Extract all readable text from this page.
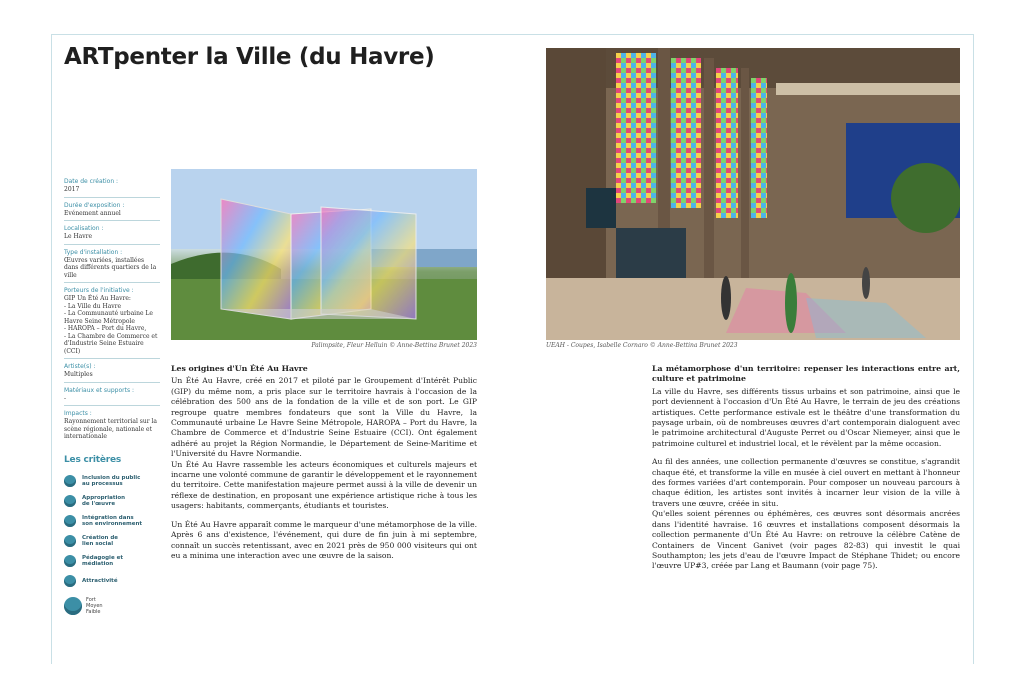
ARTpenter la Ville (du Havre)
Date de création :
2017
Durée d'exposition :
Evénement annuel
Localisation :
Le Havre
Type d'installation :
Œuvres variées, installées dans différents quartiers de la ville
Porteurs de l'initiative :
GIP Un Été Au Havre:
- La Ville du Havre
- La Communauté urbaine Le Havre Seine Métropole
- HAROPA – Port du Havre,
- La Chambre de Commerce et d'Industrie Seine Estuaire (CCI)
Artiste(s) :
Multiples
Matériaux et supports :
-
Impacts :
Rayonnement territorial sur la scène régionale, nationale et internationale
Les critères
Inclusion du public
au processus
Appropriation
de l'œuvre
Intégration dans
son environnement
Création de
lien social
Pédagogie et
médiation
Attractivité
Fort
Moyen
Faible
Palimpsite, Fleur Helluin © Anne-Bettina Brunet 2023	UEAH - Coupes, Isabelle Cornaro © Anne-Bettina Brunet 2023
Les origines d'Un Été Au Havre

Un Été Au Havre, créé en 2017 et piloté par le Groupement d'Intérêt Public (GIP) du même nom, a pris place sur le territoire havrais à l'occasion de la célébration des 500 ans de la fondation de la ville et de son port. Le GIP regroupe quatre membres fondateurs que sont la Ville du Havre, la Communauté urbaine Le Havre Seine Métropole, HAROPA – Port du Havre, la Chambre de Commerce et d'Industrie Seine Estuaire (CCI). Ont également adhéré au projet la Région Normandie, le Département de Seine-Maritime et l'Université du Havre Normandie.

Un Été Au Havre rassemble les acteurs économiques et culturels majeurs et incarne une volonté commune de garantir le développement et le rayonnement du territoire. Cette manifestation majeure permet aussi à la ville de devenir un réflexe de destination, en proposant une expérience artistique riche à tous les usagers: habitants, commerçants, étudiants et touristes.

Un Été Au Havre apparaît comme le marqueur d'une métamorphose de la ville. Après 6 ans d'existence, l'événement, qui dure de fin juin à mi septembre, connaît un succès retentissant, avec en 2021 près de 950 000 visiteurs qui ont eu a minima une interaction avec une œuvre de la saison.

La métamorphose d'un territoire: repenser les interactions entre art, culture et patrimoine

La ville du Havre, ses différents tissus urbains et son patrimoine, ainsi que le port deviennent à l'occasion d'Un Été Au Havre, le terrain de jeu des créations artistiques. Cette performance estivale est le théâtre d'une transformation du paysage urbain, où de nombreuses œuvres d'art contemporain dialoguent avec le patrimoine architectural d'Auguste Perret ou d'Oscar Niemeyer, ainsi que le patrimoine culturel et industriel local, et le révèlent par la même occasion.

Au fil des années, une collection permanente d'œuvres se constitue, s'agrandit chaque été, et transforme la ville en musée à ciel ouvert en mettant à l'honneur des formes variées d'art contemporain. Pour composer un nouveau parcours à chaque édition, les artistes sont invités à incarner leur vision de la ville à travers une œuvre, créée in situ.

Qu'elles soient pérennes ou éphémères, ces œuvres sont désormais ancrées dans l'identité havraise. 16 œuvres et installations composent désormais la collection permanente d'Un Été Au Havre: on retrouve la célèbre Catène de Containers de Vincent Ganivet (voir pages 82-83) qui investit le quai Southampton; les jets d'eau de l'œuvre Impact de Stéphane Thidet; ou encore l'œuvre UP#3, créée par Lang et Baumann (voir page 75).
